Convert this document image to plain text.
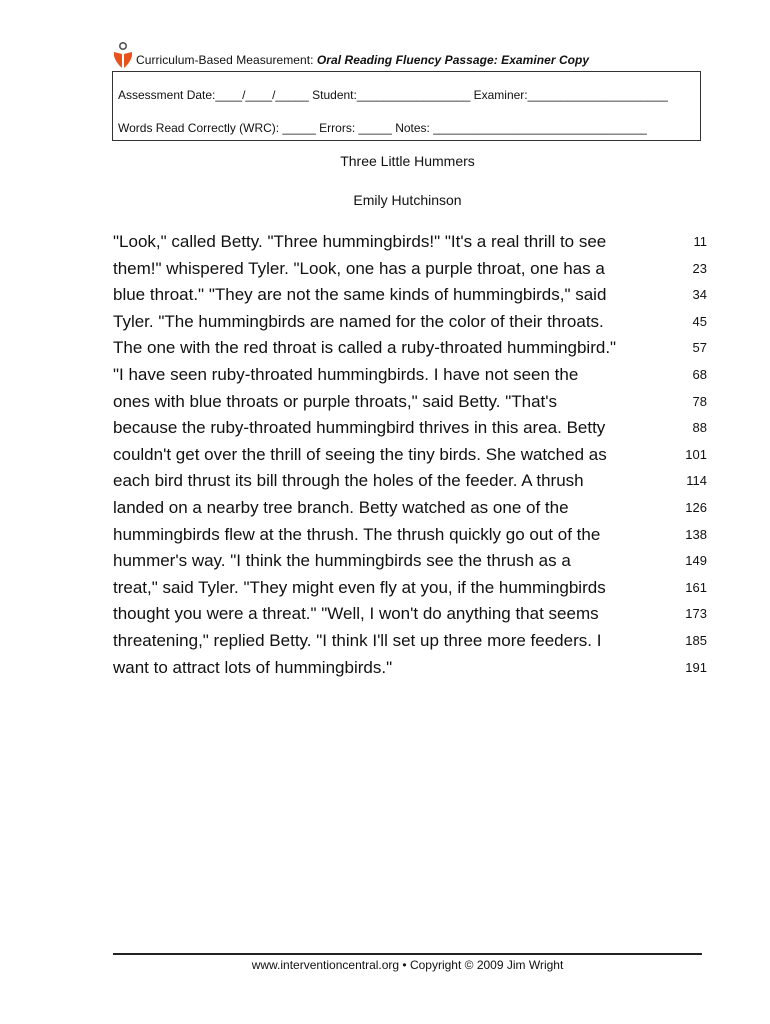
Curriculum-Based Measurement: Oral Reading Fluency Passage: Examiner Copy
Assessment Date:____/____/_____ Student:_________________ Examiner:_____________________
Words Read Correctly (WRC): _____ Errors: _____ Notes: ________________________________
Three Little Hummers
Emily Hutchinson
"Look," called Betty. "Three hummingbirds!" "It's a real thrill to see	11
them!" whispered Tyler. "Look, one has a purple throat, one has a	23
blue throat." "They are not the same kinds of hummingbirds," said	34
Tyler. "The hummingbirds are named for the color of their throats.	45
The one with the red throat is called a ruby-throated hummingbird."	57
"I have seen ruby-throated hummingbirds. I have not seen the	68
ones with blue throats or purple throats," said Betty. "That's	78
because the ruby-throated hummingbird thrives in this area. Betty	88
couldn't get over the thrill of seeing the tiny birds. She watched as	101
each bird thrust its bill through the holes of the feeder. A thrush	114
landed on a nearby tree branch. Betty watched as one of the	126
hummingbirds flew at the thrush. The thrush quickly go out of the	138
hummer's way. "I think the hummingbirds see the thrush as a	149
treat," said Tyler. "They might even fly at you, if the hummingbirds	161
thought you were a threat." "Well, I won't do anything that seems	173
threatening," replied Betty. "I think I'll set up three more feeders. I	185
want to attract lots of hummingbirds."	191
www.interventioncentral.org • Copyright © 2009 Jim Wright
